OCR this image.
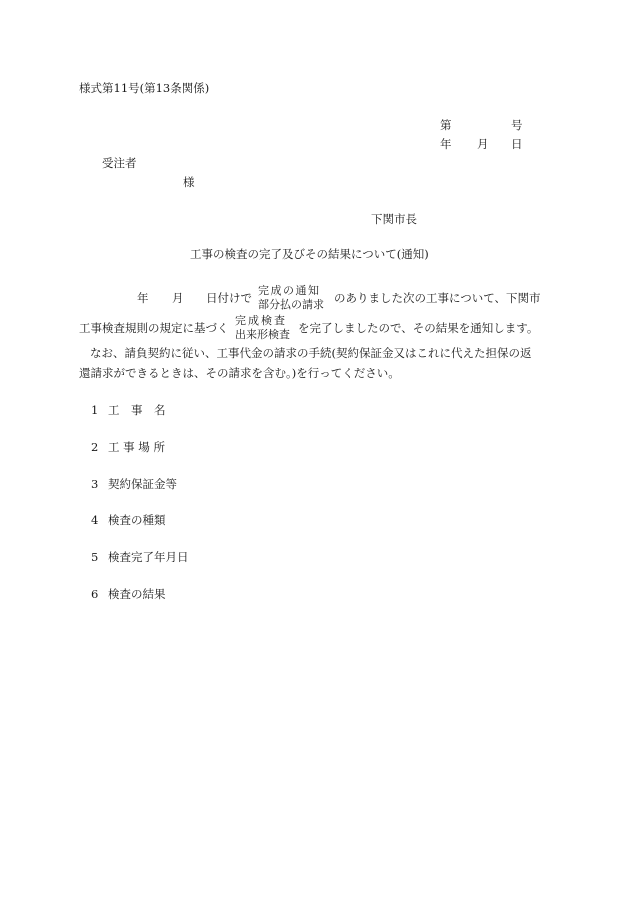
様式第11号(第13条関係)
第	号
年 月 日
受注者
様
下関市長
工事の検査の完了及びその結果について(通知)
年 月 日付けで
完成の通知
部分払の請求 のありました次の工事について、下関市
工事検査規則の規定に基づく
完成検査
出来形検査 を完了しましたので、その結果を通知します。
なお、請負契約に従い、工事代金の請求の手続(契約保証金又はこれに代えた担保の返
還請求ができるときは、その請求を含む。)を行ってください。
1 工　事　名
2 工 事 場 所
3 契約保証金等
4 検査の種類
5 検査完了年月日
6 検査の結果
